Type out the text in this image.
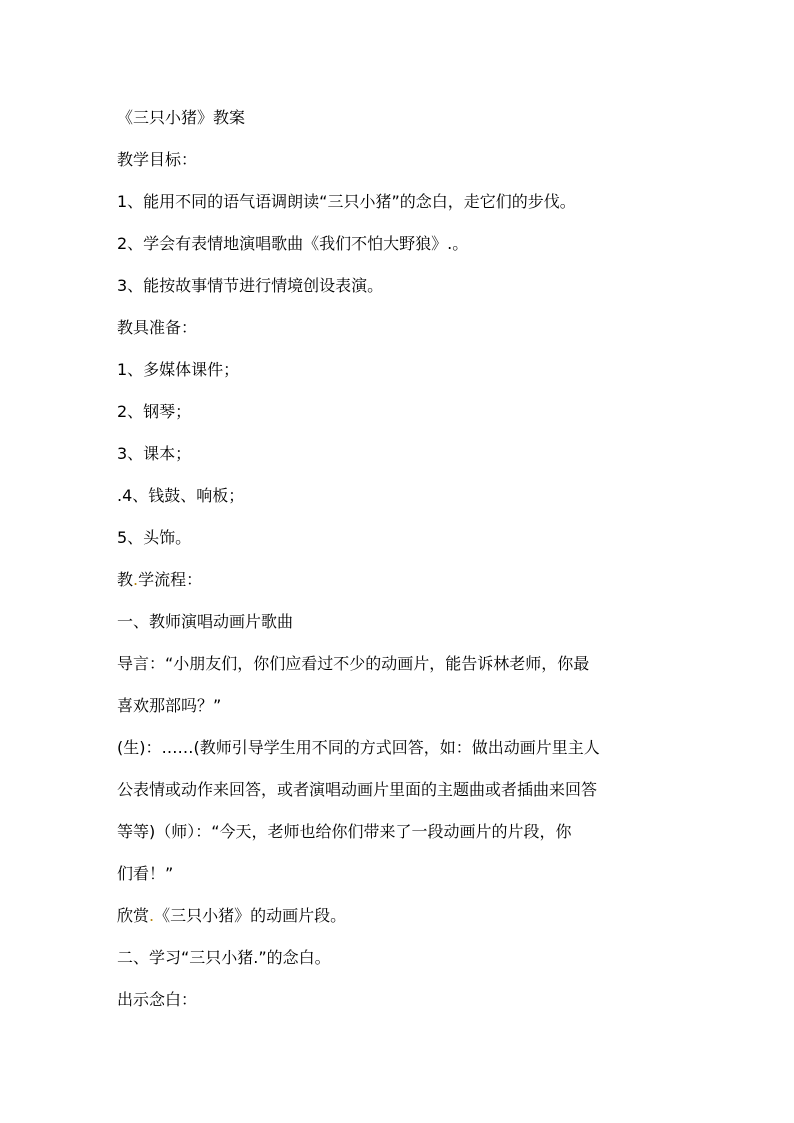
《三只小猪》教案
教学目标：
1、能用不同的语气语调朗读“三只小猪”的念白，走它们的步伐。
2、学会有表情地演唱歌曲《我们不怕大野狼》.。
3、能按故事情节进行情境创设表演。
教具准备：
1、多媒体课件；
2、钢琴；
3、课本；
.4、钱鼓、响板；
5、头饰。
教.学流程：
一、教师演唱动画片歌曲
导言：“小朋友们，你们应看过不少的动画片，能告诉林老师，你最
喜欢那部吗？”
(生)：……(教师引导学生用不同的方式回答，如：做出动画片里主人
公表情或动作来回答，或者演唱动画片里面的主题曲或者插曲来回答
等等)（师）：“今天，老师也给你们带来了一段动画片的片段，你
们看！”
欣赏.《三只小猪》的动画片段。
二、学习“三只小猪.”的念白。
出示念白：
